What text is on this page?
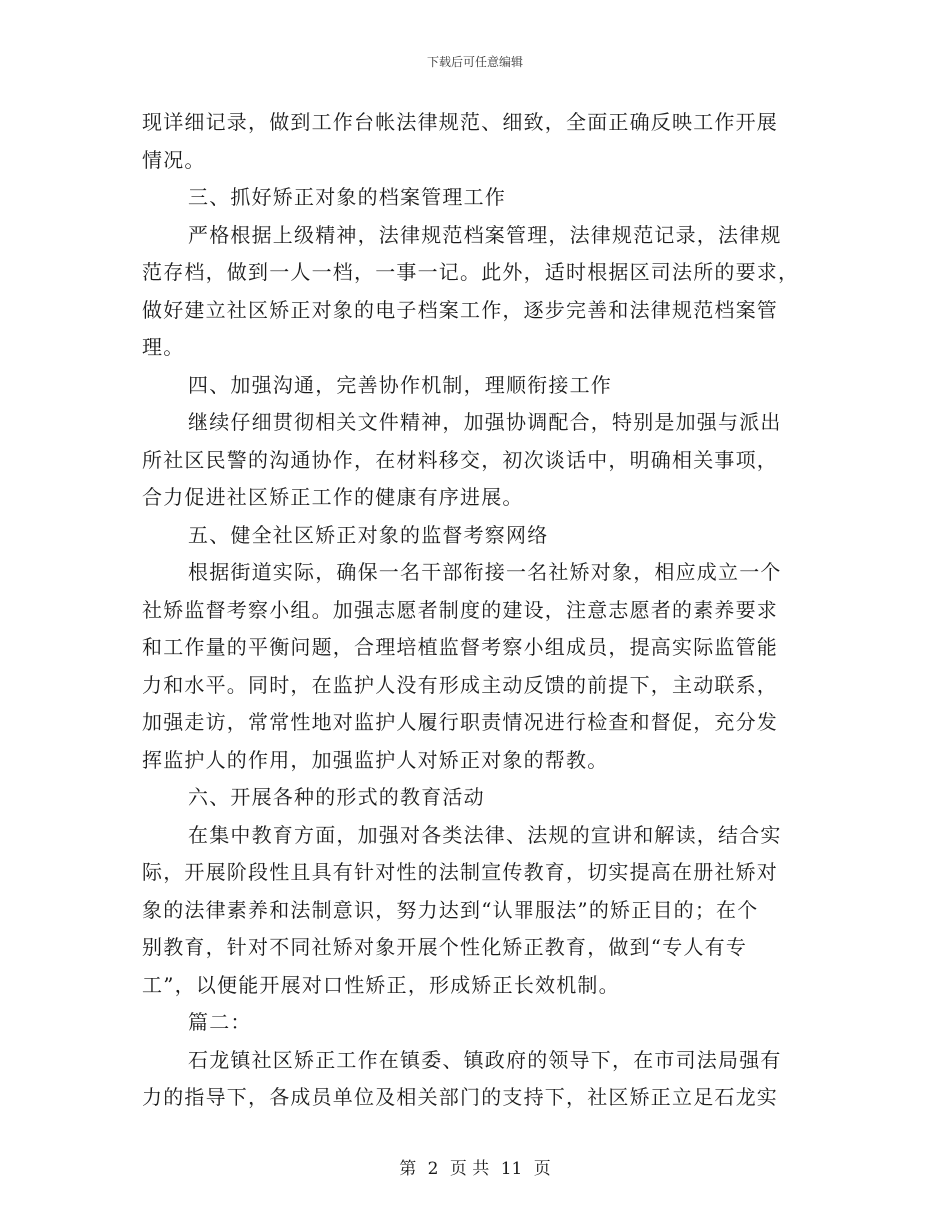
下载后可任意编辑
现详细记录，做到工作台帐法律规范、细致，全面正确反映工作开展
情况。
三、抓好矫正对象的档案管理工作
严格根据上级精神，法律规范档案管理，法律规范记录，法律规
范存档，做到一人一档，一事一记。此外，适时根据区司法所的要求，
做好建立社区矫正对象的电子档案工作，逐步完善和法律规范档案管
理。
四、加强沟通，完善协作机制，理顺衔接工作
继续仔细贯彻相关文件精神，加强协调配合，特别是加强与派出
所社区民警的沟通协作，在材料移交，初次谈话中，明确相关事项，
合力促进社区矫正工作的健康有序进展。
五、健全社区矫正对象的监督考察网络
根据街道实际，确保一名干部衔接一名社矫对象，相应成立一个
社矫监督考察小组。加强志愿者制度的建设，注意志愿者的素养要求
和工作量的平衡问题，合理培植监督考察小组成员，提高实际监管能
力和水平。同时，在监护人没有形成主动反馈的前提下，主动联系，
加强走访，常常性地对监护人履行职责情况进行检查和督促，充分发
挥监护人的作用，加强监护人对矫正对象的帮教。
六、开展各种的形式的教育活动
在集中教育方面，加强对各类法律、法规的宣讲和解读，结合实
际，开展阶段性且具有针对性的法制宣传教育，切实提高在册社矫对
象的法律素养和法制意识，努力达到“认罪服法”的矫正目的；在个
别教育，针对不同社矫对象开展个性化矫正教育，做到“专人有专
工”，以便能开展对口性矫正，形成矫正长效机制。
篇二：
石龙镇社区矫正工作在镇委、镇政府的领导下，在市司法局强有
力的指导下，各成员单位及相关部门的支持下，社区矫正立足石龙实
第 2 页 共 11 页
